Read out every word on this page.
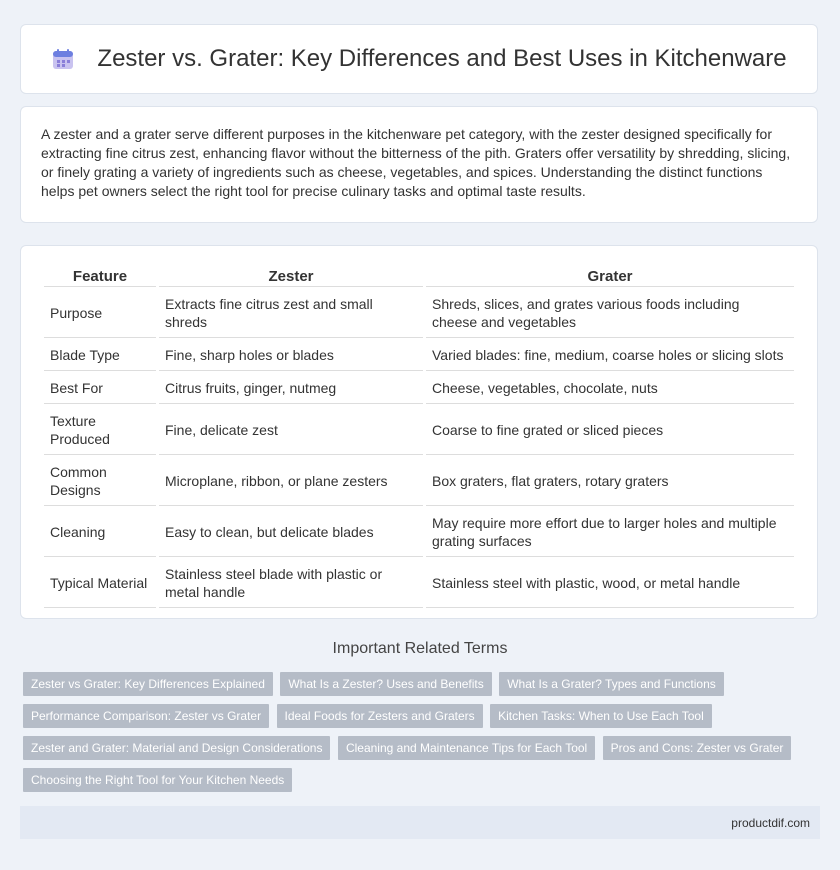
Zester vs. Grater: Key Differences and Best Uses in Kitchenware

A zester and a grater serve different purposes in the kitchenware pet category, with the zester designed specifically for extracting fine citrus zest, enhancing flavor without the bitterness of the pith. Graters offer versatility by shredding, slicing, or finely grating a variety of ingredients such as cheese, vegetables, and spices. Understanding the distinct functions helps pet owners select the right tool for precise culinary tasks and optimal taste results.

Feature	Zester	Grater
Purpose	Extracts fine citrus zest and small shreds	Shreds, slices, and grates various foods including cheese and vegetables
Blade Type	Fine, sharp holes or blades	Varied blades: fine, medium, coarse holes or slicing slots
Best For	Citrus fruits, ginger, nutmeg	Cheese, vegetables, chocolate, nuts
Texture Produced	Fine, delicate zest	Coarse to fine grated or sliced pieces
Common Designs	Microplane, ribbon, or plane zesters	Box graters, flat graters, rotary graters
Cleaning	Easy to clean, but delicate blades	May require more effort due to larger holes and multiple grating surfaces
Typical Material	Stainless steel blade with plastic or metal handle	Stainless steel with plastic, wood, or metal handle
Important Related Terms
Zester vs Grater: Key Differences Explained What Is a Zester? Uses and Benefits What Is a Grater? Types and Functions Performance Comparison: Zester vs Grater Ideal Foods for Zesters and Graters Kitchen Tasks: When to Use Each Tool Zester and Grater: Material and Design Considerations Cleaning and Maintenance Tips for Each Tool Pros and Cons: Zester vs Grater Choosing the Right Tool for Your Kitchen Needs
productdif.com
